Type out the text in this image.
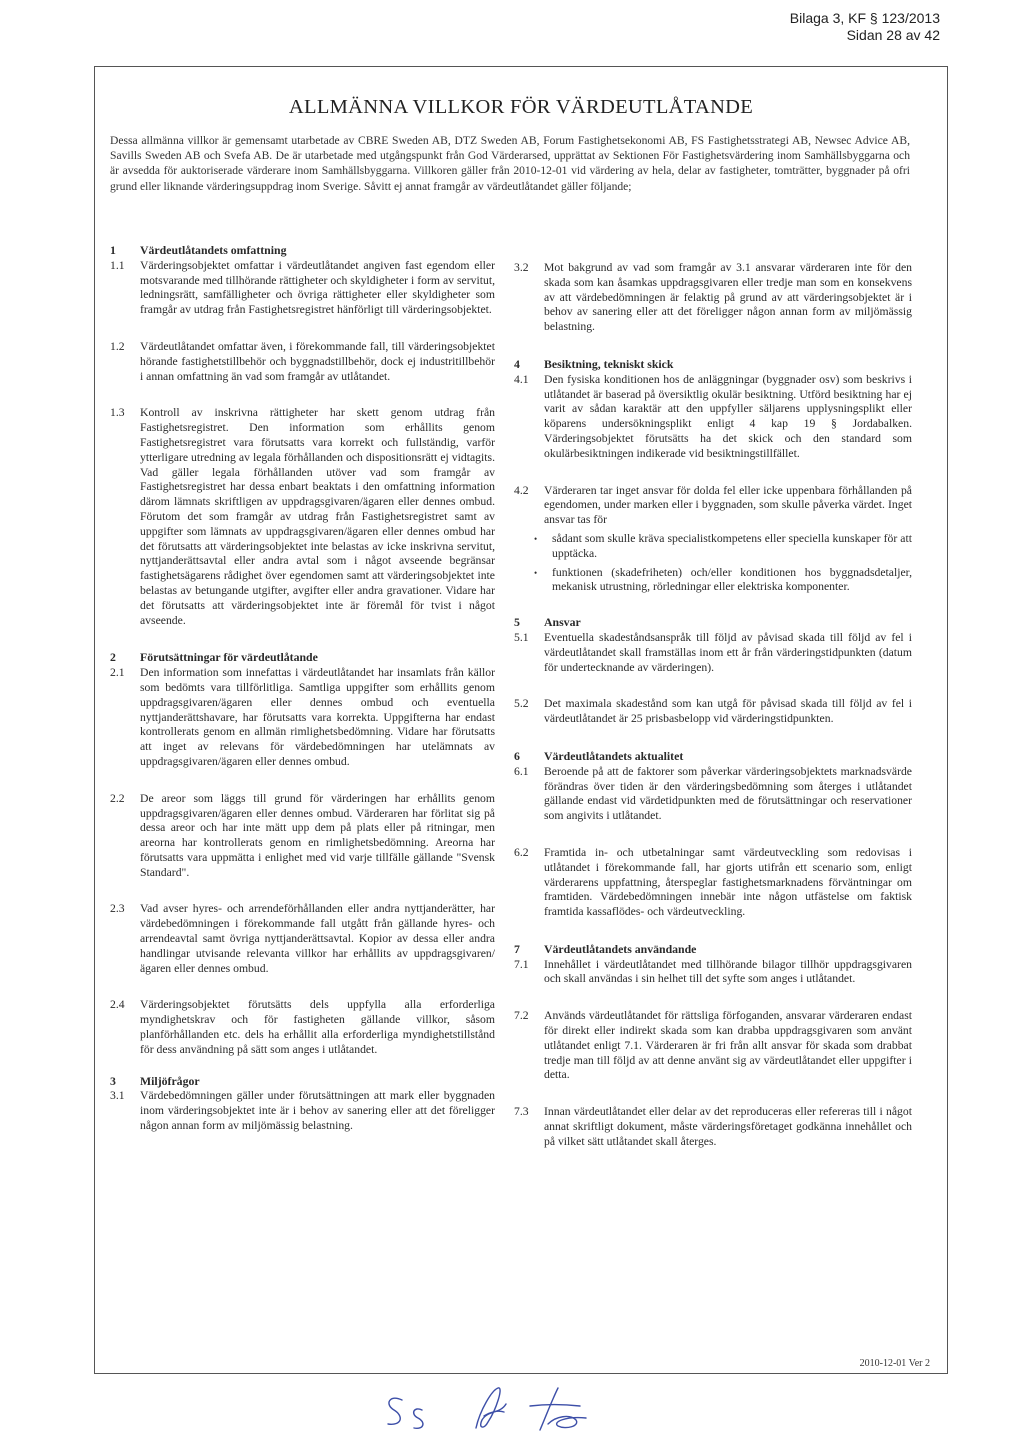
Bilaga 3, KF § 123/2013
Sidan 28 av 42
ALLMÄNNA VILLKOR FÖR VÄRDEUTLÅTANDE
Dessa allmänna villkor är gemensamt utarbetade av CBRE Sweden AB, DTZ Sweden AB, Forum Fastighetsekonomi AB, FS Fastighetsstrategi AB, Newsec Advice AB, Savills Sweden AB och Svefa AB. De är utarbetade med utgångspunkt från God Värderarsed, upprättat av Sektionen För Fastighetsvärdering inom Samhällsbyggarna och är avsedda för auktoriserade värderare inom Samhällsbyggarna. Villkoren gäller från 2010-12-01 vid värdering av hela, delar av fastigheter, tomträtter, byggnader på ofri grund eller liknande värderingsuppdrag inom Sverige. Såvitt ej annat framgår av värdeutlåtandet gäller följande;
1	Värdeutlåtandets omfattning
1.1	Värderingsobjektet omfattar i värdeutlåtandet angiven fast egendom eller motsvarande med tillhörande rättigheter och skyldigheter i form av servitut, ledningsrätt, samfälligheter och övriga rättigheter eller skyldigheter som framgår av utdrag från Fastighetsregistret hänförligt till värderingsobjektet.
1.2	Värdeutlåtandet omfattar även, i förekommande fall, till värderingsobjektet hörande fastighetstillbehör och byggnadstillbehör, dock ej industritillbehör i annan omfattning än vad som framgår av utlåtandet.
1.3	Kontroll av inskrivna rättigheter har skett genom utdrag från Fastighetsregistret. Den information som erhållits genom Fastighetsregistret vara förutsatts vara korrekt och fullständig, varför ytterligare utredning av legala förhållanden och dispositionsrätt ej vidtagits. Vad gäller legala förhållanden utöver vad som framgår av Fastighetsregistret har dessa enbart beaktats i den omfattning information därom lämnats skriftligen av uppdragsgivaren/ägaren eller dennes ombud. Förutom det som framgår av utdrag från Fastighetsregistret samt av uppgifter som lämnats av uppdragsgivaren/ägaren eller dennes ombud har det förutsatts att värderingsobjektet inte belastas av icke inskrivna servitut, nyttjanderättsavtal eller andra avtal som i något avseende begränsar fastighetsägarens rådighet över egendomen samt att värderingsobjektet inte belastas av betungande utgifter, avgifter eller andra gravationer. Vidare har det förutsatts att värderingsobjektet inte är föremål för tvist i något avseende.
2	Förutsättningar för värdeutlåtande
2.1	Den information som innefattas i värdeutlåtandet har insamlats från källor som bedömts vara tillförlitliga. Samtliga uppgifter som erhållits genom uppdragsgivaren/ägaren eller dennes ombud och eventuella nyttjanderättshavare, har förutsatts vara korrekta. Uppgifterna har endast kontrollerats genom en allmän rimlighetsbedömning. Vidare har förutsatts att inget av relevans för värdebedömningen har utelämnats av uppdragsgivaren/ägaren eller dennes ombud.
2.2	De areor som läggs till grund för värderingen har erhållits genom uppdragsgivaren/ägaren eller dennes ombud. Värderaren har förlitat sig på dessa areor och har inte mätt upp dem på plats eller på ritningar, men areorna har kontrollerats genom en rimlighetsbedömning. Areorna har förutsatts vara uppmätta i enlighet med vid varje tillfälle gällande "Svensk Standard".
2.3	Vad avser hyres- och arrendeförhållanden eller andra nyttjanderätter, har värdebedömningen i förekommande fall utgått från gällande hyres- och arrendeavtal samt övriga nyttjanderättsavtal. Kopior av dessa eller andra handlingar utvisande relevanta villkor har erhållits av uppdragsgivaren/ägaren eller dennes ombud.
2.4	Värderingsobjektet förutsätts dels uppfylla alla erforderliga myndighetskrav och för fastigheten gällande villkor, såsom planförhållanden etc. dels ha erhållit alla erforderliga myndighetstillstånd för dess användning på sätt som anges i utlåtandet.
3	Miljöfrågor
3.1	Värdebedömningen gäller under förutsättningen att mark eller byggnaden inom värderingsobjektet inte är i behov av sanering eller att det föreligger någon annan form av miljömässig belastning.
3.2	Mot bakgrund av vad som framgår av 3.1 ansvarar värderaren inte för den skada som kan åsamkas uppdragsgivaren eller tredje man som en konsekvens av att värdebedömningen är felaktig på grund av att värderingsobjektet är i behov av sanering eller att det föreligger någon annan form av miljömässig belastning.
4	Besiktning, tekniskt skick
4.1	Den fysiska konditionen hos de anläggningar (byggnader osv) som beskrivs i utlåtandet är baserad på översiktlig okulär besiktning. Utförd besiktning har ej varit av sådan karaktär att den uppfyller säljarens upplysningsplikt eller köparens undersökningsplikt enligt 4 kap 19 § Jordabalken. Värderingsobjektet förutsätts ha det skick och den standard som okulärbesiktningen indikerade vid besiktningstillfället.
4.2	Värderaren tar inget ansvar för dolda fel eller icke uppenbara förhållanden på egendomen, under marken eller i byggnaden, som skulle påverka värdet. Inget ansvar tas för
• sådant som skulle kräva specialistkompetens eller speciella kunskaper för att upptäcka.
• funktionen (skadefriheten) och/eller konditionen hos byggnadsdetaljer, mekanisk utrustning, rörledningar eller elektriska komponenter.
5	Ansvar
5.1	Eventuella skadeståndsanspråk till följd av påvisad skada till följd av fel i värdeutlåtandet skall framställas inom ett år från värderingstidpunkten (datum för undertecknande av värderingen).
5.2	Det maximala skadestånd som kan utgå för påvisad skada till följd av fel i värdeutlåtandet är 25 prisbasbelopp vid värderingstidpunkten.
6	Värdeutlåtandets aktualitet
6.1	Beroende på att de faktorer som påverkar värderingsobjektets marknadsvärde förändras över tiden är den värderingsbedömning som återges i utlåtandet gällande endast vid värdetidpunkten med de förutsättningar och reservationer som angivits i utlåtandet.
6.2	Framtida in- och utbetalningar samt värdeutveckling som redovisas i utlåtandet i förekommande fall, har gjorts utifrån ett scenario som, enligt värderarens uppfattning, återspeglar fastighetsmarknadens förväntningar om framtiden. Värdebedömningen innebär inte någon utfästelse om faktisk framtida kassaflödes- och värdeutveckling.
7	Värdeutlåtandets användande
7.1	Innehållet i värdeutlåtandet med tillhörande bilagor tillhör uppdragsgivaren och skall användas i sin helhet till det syfte som anges i utlåtandet.
7.2	Används värdeutlåtandet för rättsliga förfoganden, ansvarar värderaren endast för direkt eller indirekt skada som kan drabba uppdragsgivaren som använt utlåtandet enligt 7.1. Värderaren är fri från allt ansvar för skada som drabbat tredje man till följd av att denne använt sig av värdeutlåtandet eller uppgifter i detta.
7.3	Innan värdeutlåtandet eller delar av det reproduceras eller refereras till i något annat skriftligt dokument, måste värderingsföretaget godkänna innehållet och på vilket sätt utlåtandet skall återges.
2010-12-01 Ver 2
